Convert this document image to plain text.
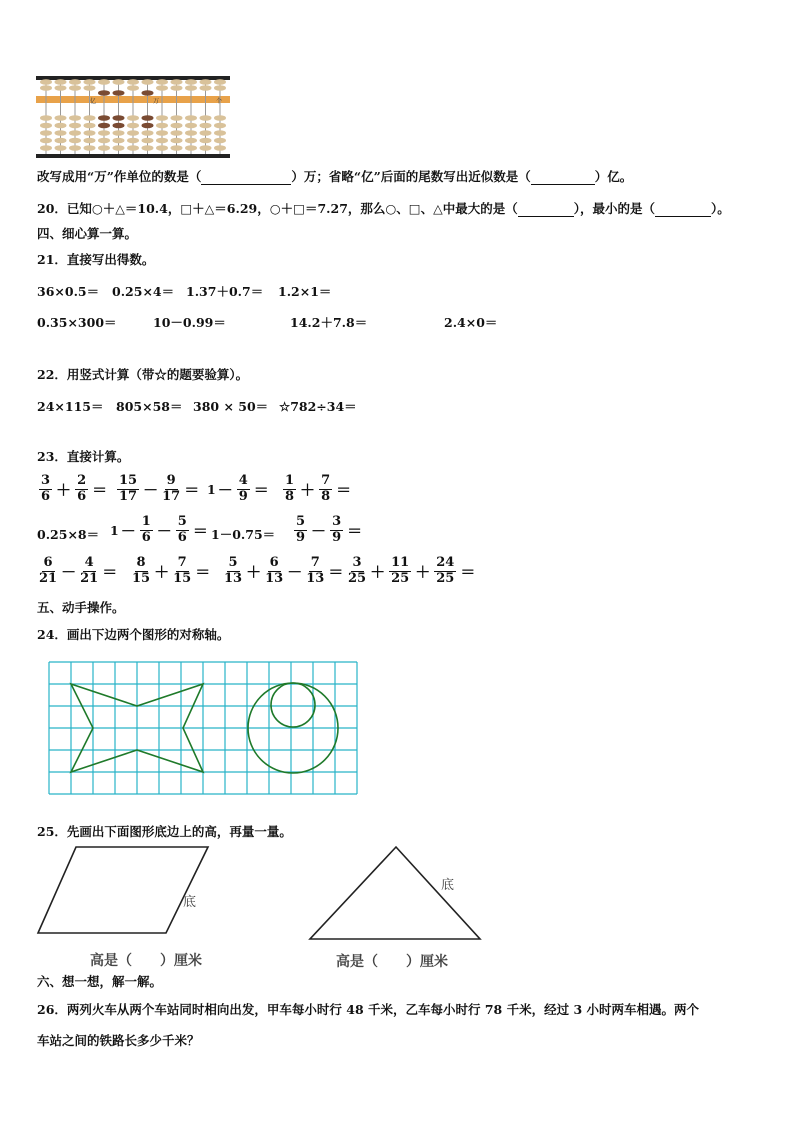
亿	万	个
改写成用“万”作单位的数是（	）万；省略“亿”后面的尾数写出近似数是（	）亿。
20．已知○＋△＝10.4，□＋△＝6.29，○＋□＝7.27，那么○、□、△中最大的是（	），最小的是（	）。
四、细心算一算。
21．直接写出得数。
36×0.5＝ 0.25×4＝ 1.37＋0.7＝ 1.2×1＝
0.35×300＝	10－0.99＝	14.2＋7.8＝	2.4×0＝
22．用竖式计算（带☆的题要验算）。
24×115＝ 805×58＝ 380 × 50＝ ☆782÷34＝
23．直接计算。
$\frac{3}{6} + \frac{2}{6} = \frac{15}{17} - \frac{9}{17} = 1 - \frac{4}{9} = \frac{1}{8} + \frac{7}{8}$ ＝
$0.25\times 8= 1 - \frac{1}{6} - \frac{5}{6} = 1-0.75= \frac{5}{9} - \frac{3}{9}$ ＝
$\frac{6}{21} - \frac{4}{21} = \frac{8}{15} + \frac{7}{15} = \frac{5}{13} + \frac{6}{13} - \frac{7}{13} = \frac{3}{25} + \frac{11}{25} + \frac{24}{25}$ ＝
五、动手操作。
24．画出下边两个图形的对称轴。
25．先画出下面图形底边上的高，再量一量。
底
高是（　　）厘米
底
高是（　　）厘米
六、想一想，解一解。
26．两列火车从两个车站同时相向出发，甲车每小时行 48 千米，乙车每小时行 78 千米，经过 3 小时两车相遇。两个
车站之间的铁路长多少千米？
